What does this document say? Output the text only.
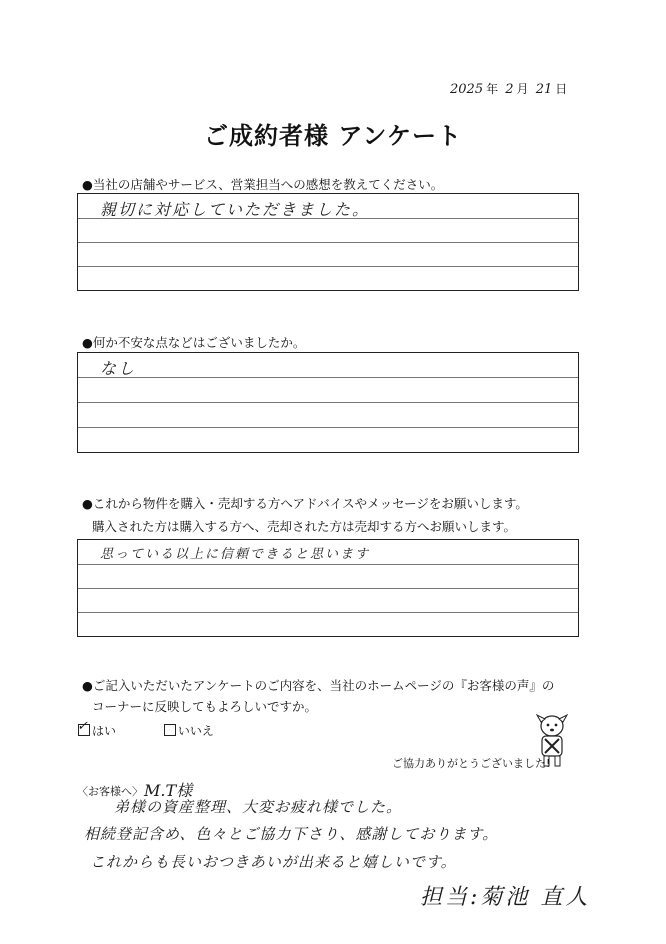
2025 年 2 月 21 日
ご成約者様 アンケート
●当社の店舗やサービス、営業担当への感想を教えてください。
親切に対応していただきました。
●何か不安な点などはございましたか。
なし
●これから物件を購入・売却する方へアドバイスやメッセージをお願いします。
購入された方は購入する方へ、売却された方は売却する方へお願いします。
思っている以上に信頼できると思います
●ご記入いただいたアンケートのご内容を、当社のホームページの『お客様の声』の
コーナーに反映してもよろしいですか。
✓ はい	いいえ
ご協力ありがとうございました!
〈お客様へ〉 M.T様
弟様の資産整理、大変お疲れ様でした。
相続登記含め、色々とご協力下さり、感謝しております。
これからも長いおつきあいが出来ると嬉しいです。
担当:菊池 直人
